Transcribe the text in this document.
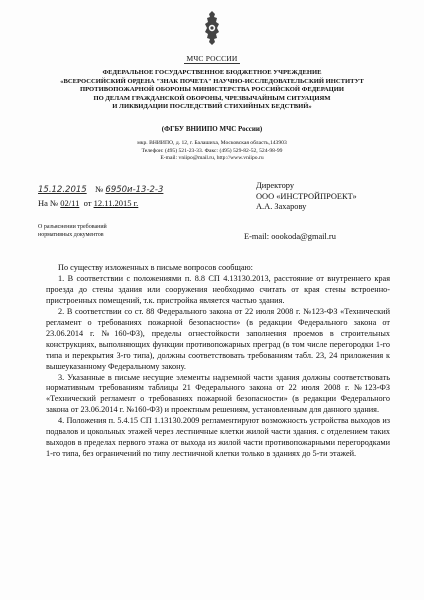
МЧС РОССИИ
ФЕДЕРАЛЬНОЕ ГОСУДАРСТВЕННОЕ БЮДЖЕТНОЕ УЧРЕЖДЕНИЕ
«ВСЕРОССИЙСКИЙ ОРДЕНА "ЗНАК ПОЧЕТА" НАУЧНО-ИССЛЕДОВАТЕЛЬСКИЙ ИНСТИТУТ
ПРОТИВОПОЖАРНОЙ ОБОРОНЫ МИНИСТЕРСТВА РОССИЙСКОЙ ФЕДЕРАЦИИ
ПО ДЕЛАМ ГРАЖДАНСКОЙ ОБОРОНЫ, ЧРЕЗВЫЧАЙНЫМ СИТУАЦИЯМ
И ЛИКВИДАЦИИ ПОСЛЕДСТВИЙ СТИХИЙНЫХ БЕДСТВИЙ»
(ФГБУ ВНИИПО МЧС России)
мкр. ВНИИПО, д. 12, г. Балашиха, Московская область,143903
Телефон: (495) 521-23-33. Факс: (495) 529-82-52, 524-98-99
E-mail: vniipo@mail.ru, http://www.vniipo.ru
15.12.2015 № 6950и-13-2-3
На № 02/11 от 12.11.2015 г.
Директору
ООО «ИНСТРОЙПРОЕКТ»
А.А. Захарову
О разъяснении требований
нормативных документов	E-mail: oookoda@gmail.ru

По существу изложенных в письме вопросов сообщаю:

1. В соответствии с положениями п. 8.8 СП 4.13130.2013, расстояние от внутреннего края проезда до стены здания или сооружения необходимо считать от края стены встроенно-пристроенных помещений, т.к. пристройка является частью здания.

2. В соответствии со ст. 88 Федерального закона от 22 июля 2008 г. №123-ФЗ «Технический регламент о требованиях пожарной безопасности» (в редакции Федерального закона от 23.06.2014 г. №160-ФЗ), пределы огнестойкости заполнения проемов в строительных конструкциях, выполняющих функции противопожарных преград (в том числе перегородки 1-го типа и перекрытия 3-го типа), должны соответствовать требованиям табл. 23, 24 приложения к вышеуказанному Федеральному закону.

3. Указанные в письме несущие элементы надземной части здания должны соответствовать нормативным требованиям таблицы 21 Федерального закона от 22 июля 2008 г. №123-ФЗ «Технический регламент о требованиях пожарной безопасности» (в редакции Федерального закона от 23.06.2014 г. №160-ФЗ) и проектным решениям, установленным для данного здания.

4. Положения п. 5.4.15 СП 1.13130.2009 регламентируют возможность устройства выходов из подвалов и цокольных этажей через лестничные клетки жилой части здания. с отделением таких выходов в пределах первого этажа от выхода из жилой части противопожарными перегородками 1-го типа, без ограничений по типу лестничной клетки только в зданиях до 5-ти этажей.
